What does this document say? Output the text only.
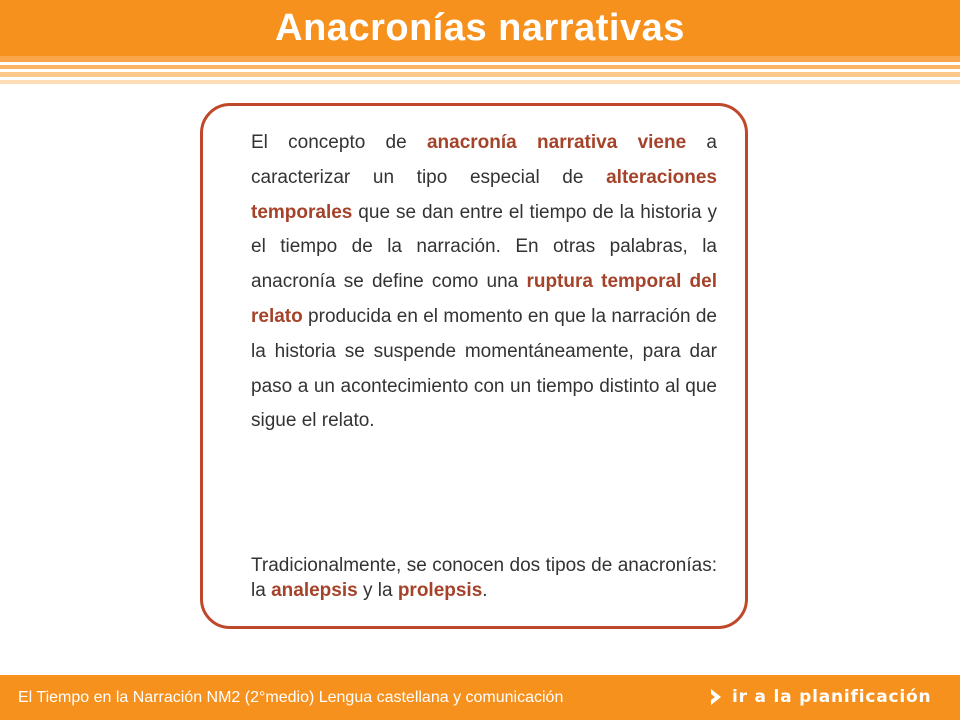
Anacronías narrativas

El concepto de anacronía narrativa viene a caracterizar un tipo especial de alteraciones temporales que se dan entre el tiempo de la historia y el tiempo de la narración. En otras palabras, la anacronía se define como una ruptura temporal del relato producida en el momento en que la narración de la historia se suspende momentáneamente, para dar paso a un acontecimiento con un tiempo distinto al que sigue el relato.

Tradicionalmente, se conocen dos tipos de anacronías: la analepsis y la prolepsis.

El Tiempo en la Narración NM2 (2°medio) Lengua castellana y comunicación	ir a la planificación
